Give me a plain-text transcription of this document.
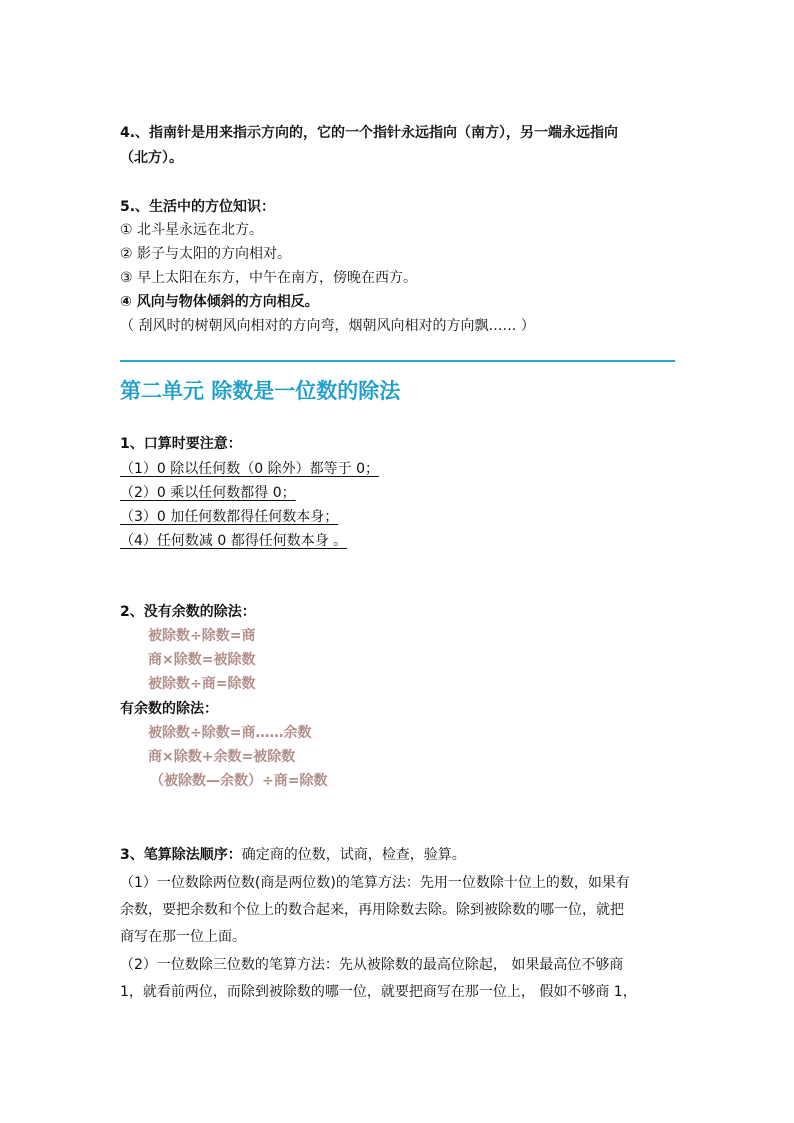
4.、指南针是用来指示方向的，它的一个指针永远指向（南方），另一端永远指向
（北方）。
5.、生活中的方位知识：
① 北斗星永远在北方。
② 影子与太阳的方向相对。
③ 早上太阳在东方，中午在南方，傍晚在西方。
④ 风向与物体倾斜的方向相反。
（ 刮风时的树朝风向相对的方向弯，烟朝风向相对的方向飘…… ）
第二单元 除数是一位数的除法
1、口算时要注意：
（1）0 除以任何数（0 除外）都等于 0；
（2）0 乘以任何数都得 0；
（3）0 加任何数都得任何数本身；
（4）任何数减 0 都得任何数本身 。
2、没有余数的除法：
被除数÷除数=商
商×除数=被除数
被除数÷商=除数
有余数的除法：
被除数÷除数=商……余数
商×除数+余数=被除数
（被除数—余数）÷商=除数
3、笔算除法顺序：确定商的位数，试商，检查，验算。
（1）一位数除两位数(商是两位数)的笔算方法：先用一位数除十位上的数，如果有
余数，要把余数和个位上的数合起来，再用除数去除。除到被除数的哪一位，就把
商写在那一位上面。
（2）一位数除三位数的笔算方法：先从被除数的最高位除起， 如果最高位不够商
1，就看前两位，而除到被除数的哪一位，就要把商写在那一位上， 假如不够商 1，
